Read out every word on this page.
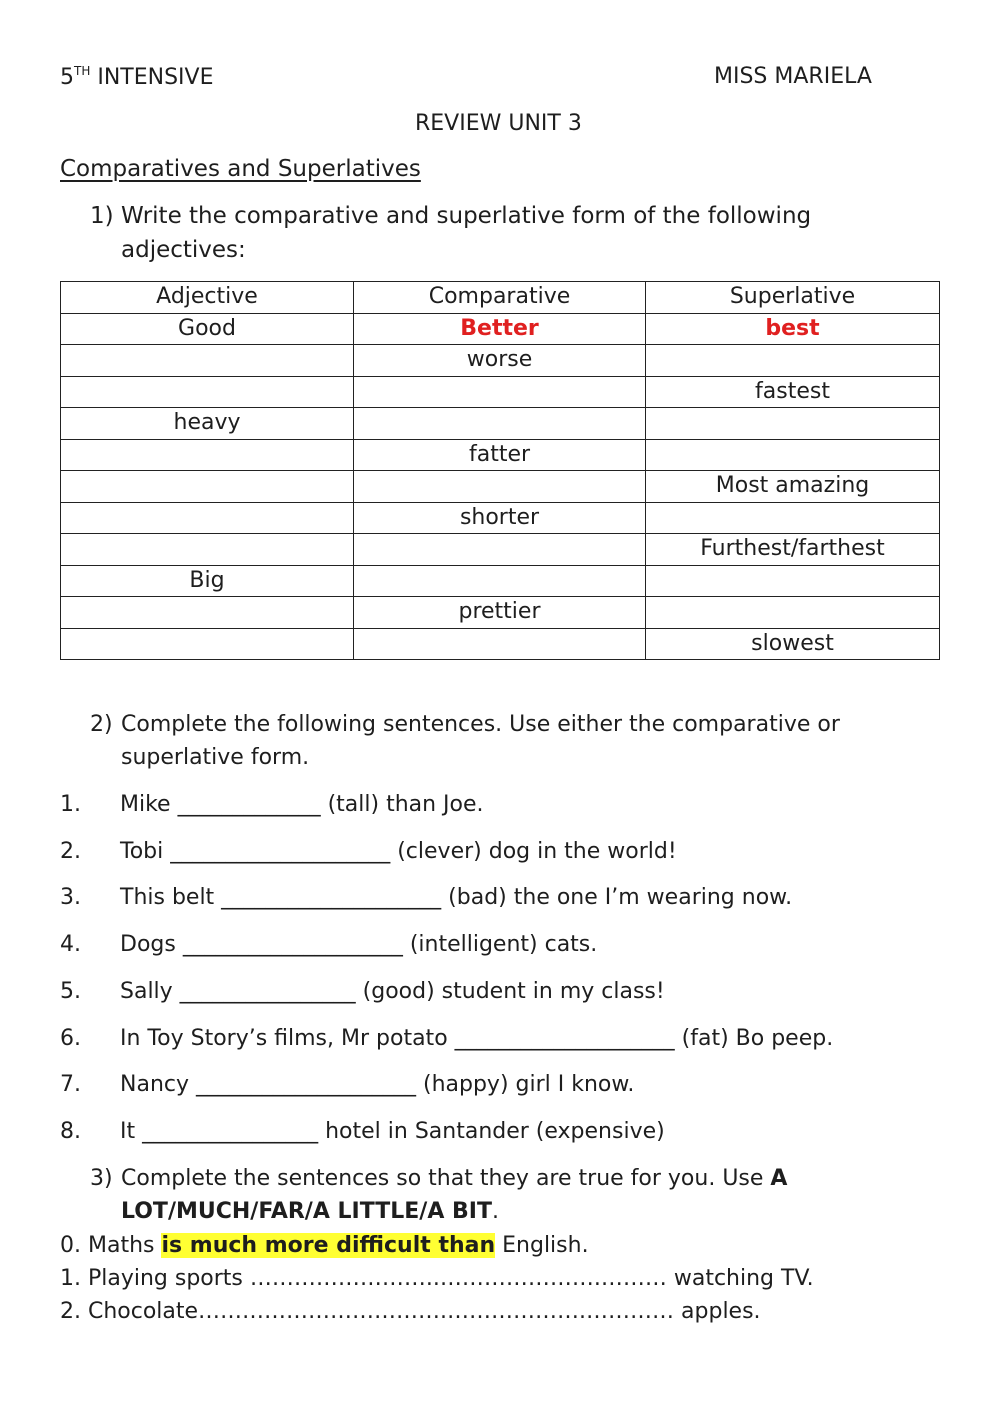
5TH INTENSIVE	MISS MARIELA
REVIEW UNIT 3
Comparatives and Superlatives
1) Write the comparative and superlative form of the following
adjectives:
Adjective	Comparative	Superlative
Good	Better	best
	worse	
		fastest
heavy		
	fatter	
		Most amazing
	shorter	
		Furthest/farthest
Big		
	prettier	
		slowest
2) Complete the following sentences. Use either the comparative or
superlative form.
1. Mike _____________ (tall) than Joe.
2. Tobi ____________________ (clever) dog in the world!
3. This belt ____________________ (bad) the one I’m wearing now.
4. Dogs ____________________ (intelligent) cats.
5. Sally ________________ (good) student in my class!
6. In Toy Story’s films, Mr potato ____________________ (fat) Bo peep.
7. Nancy ____________________ (happy) girl I know.
8. It ________________ hotel in Santander (expensive)
3) Complete the sentences so that they are true for you. Use A
LOT/MUCH/FAR/A LITTLE/A BIT.
0. Maths is much more difficult than English.
1. Playing sports ……………………..………………….……… watching TV.
2. Chocolate…………………………….……………….………… apples.
